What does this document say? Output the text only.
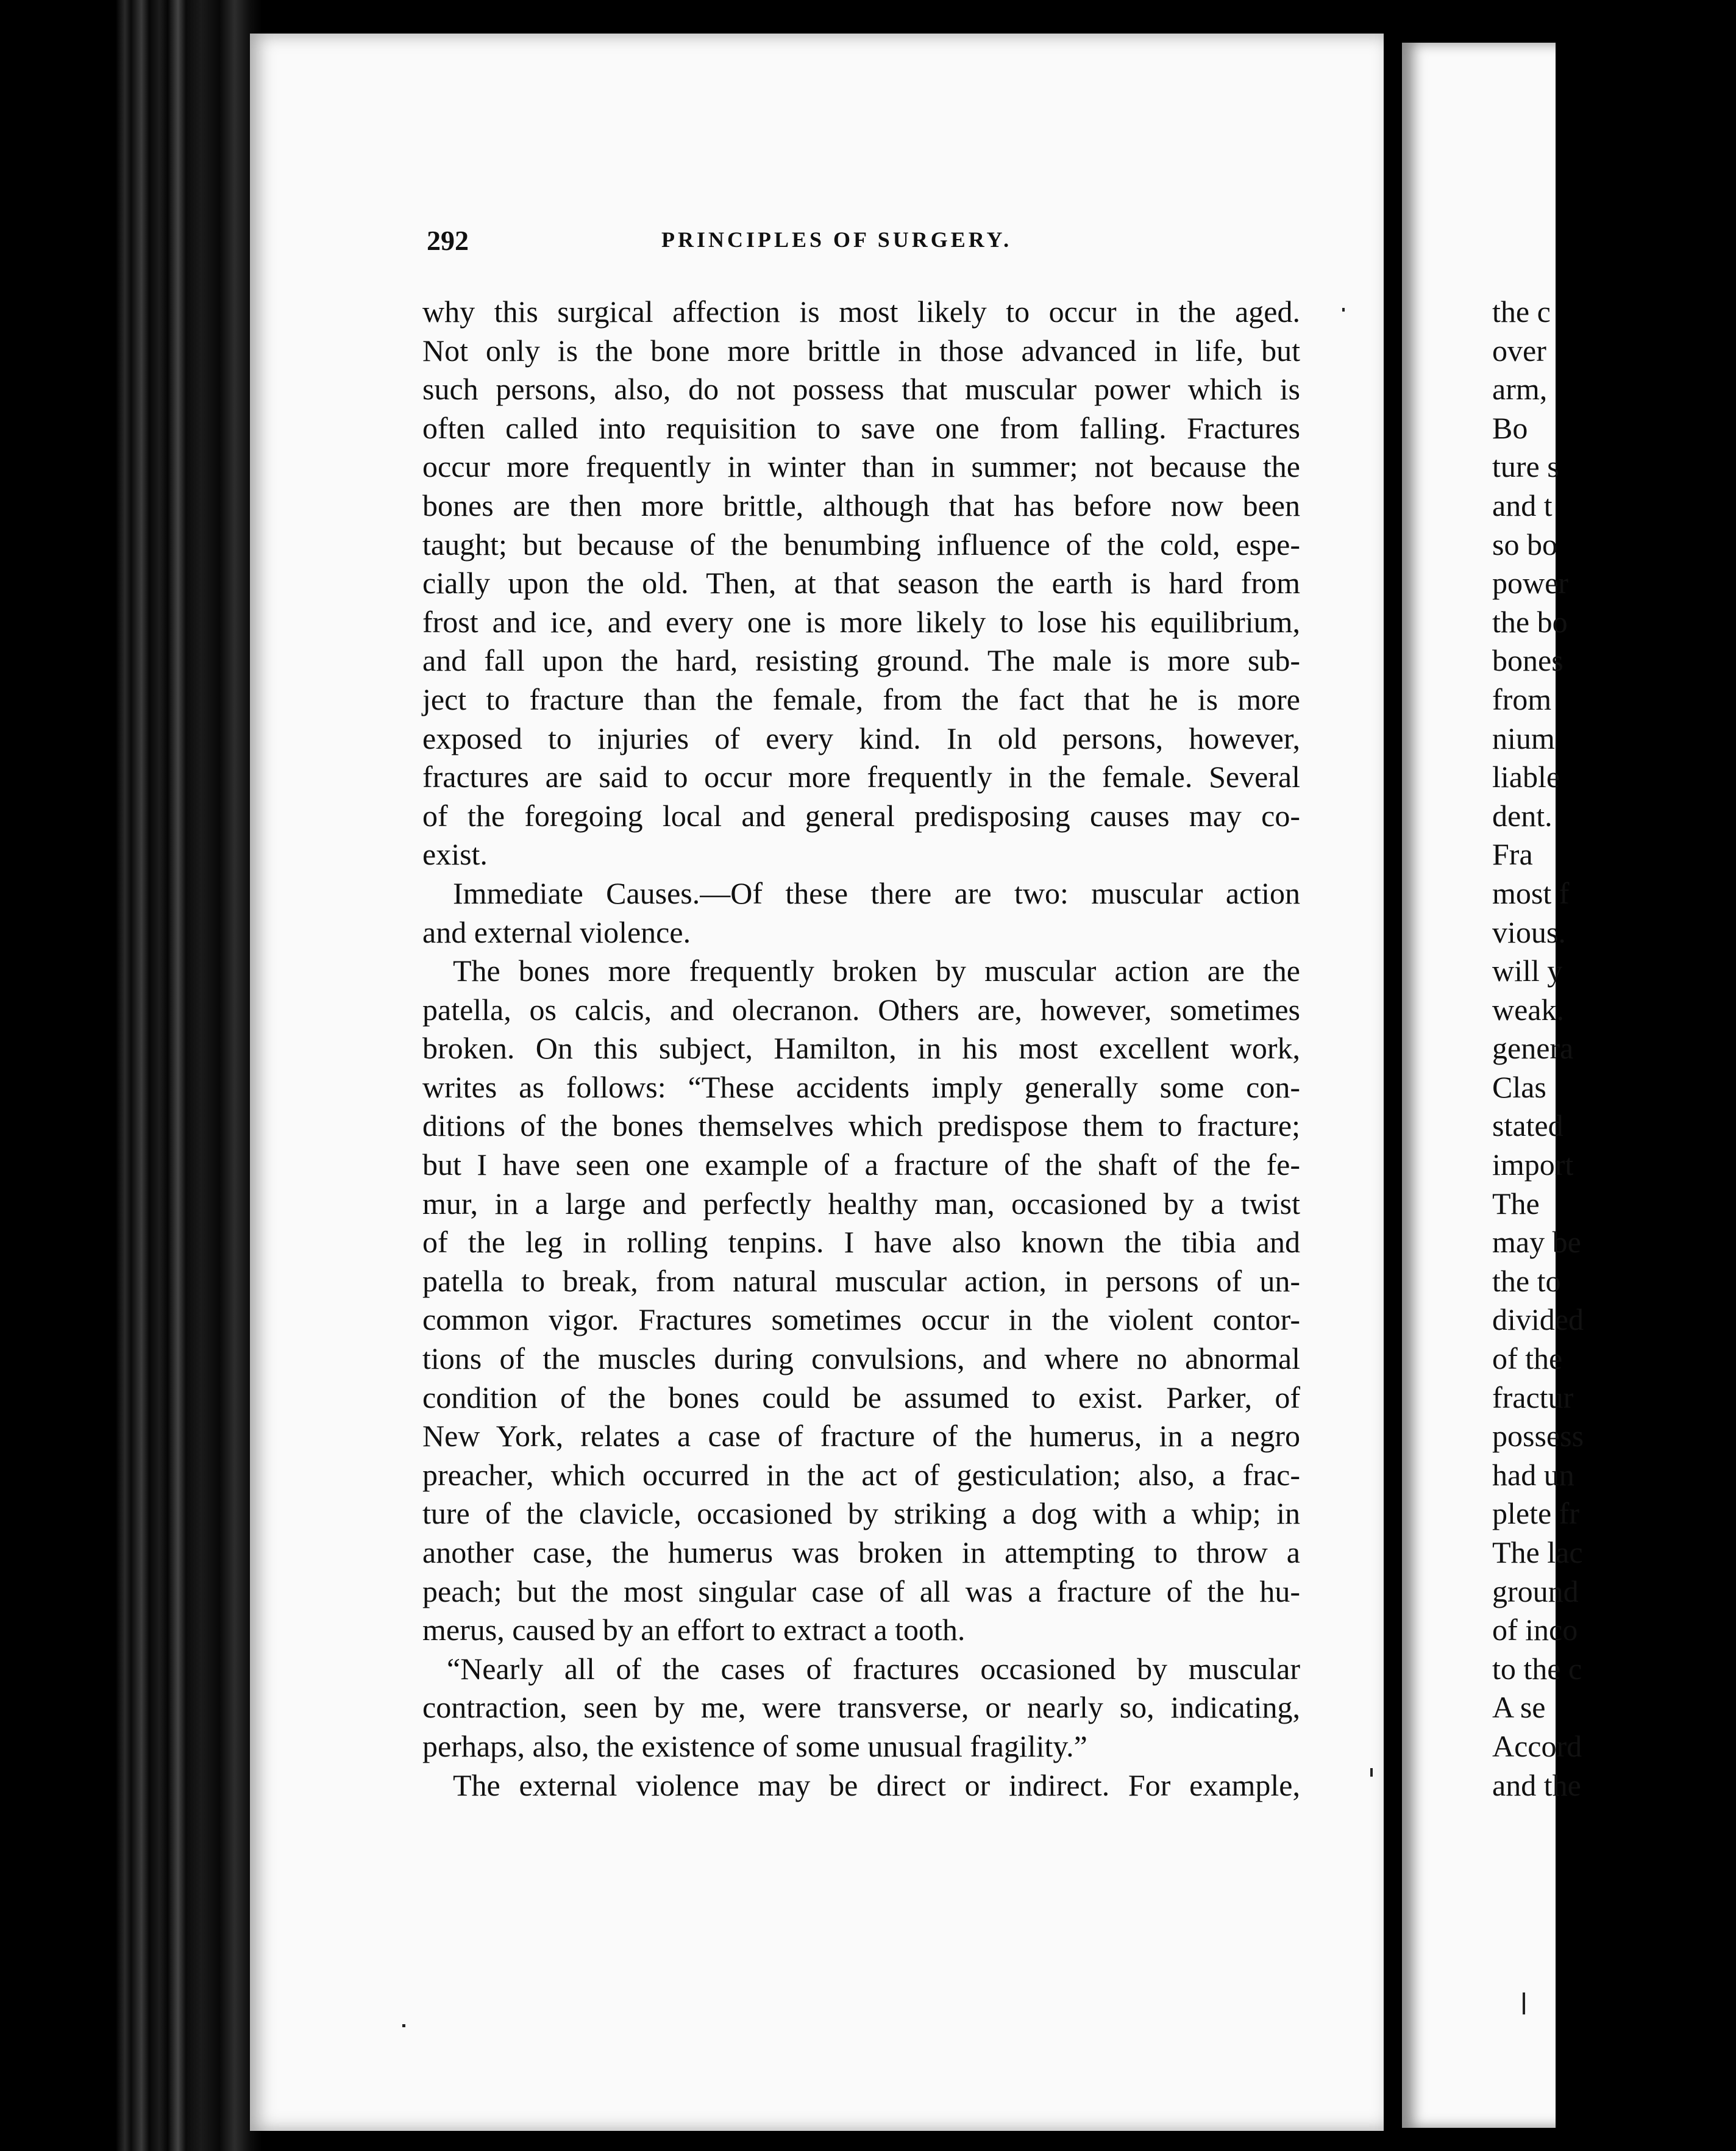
292	PRINCIPLES OF SURGERY.
why this surgical affection is most likely to occur in the aged.
Not only is the bone more brittle in those advanced in life, but
such persons, also, do not possess that muscular power which is
often called into requisition to save one from falling. Fractures
occur more frequently in winter than in summer; not because the
bones are then more brittle, although that has before now been
taught; but because of the benumbing influence of the cold, espe-
cially upon the old. Then, at that season the earth is hard from
frost and ice, and every one is more likely to lose his equilibrium,
and fall upon the hard, resisting ground. The male is more sub-
ject to fracture than the female, from the fact that he is more
exposed to injuries of every kind. In old persons, however,
fractures are said to occur more frequently in the female. Several
of the foregoing local and general predisposing causes may co-
exist.
Immediate Causes.—Of these there are two: muscular action
and external violence.
The bones more frequently broken by muscular action are the
patella, os calcis, and olecranon. Others are, however, sometimes
broken. On this subject, Hamilton, in his most excellent work,
writes as follows: “These accidents imply generally some con-
ditions of the bones themselves which predispose them to fracture;
but I have seen one example of a fracture of the shaft of the fe-
mur, in a large and perfectly healthy man, occasioned by a twist
of the leg in rolling tenpins. I have also known the tibia and
patella to break, from natural muscular action, in persons of un-
common vigor. Fractures sometimes occur in the violent contor-
tions of the muscles during convulsions, and where no abnormal
condition of the bones could be assumed to exist. Parker, of
New York, relates a case of fracture of the humerus, in a negro
preacher, which occurred in the act of gesticulation; also, a frac-
ture of the clavicle, occasioned by striking a dog with a whip; in
another case, the humerus was broken in attempting to throw a
peach; but the most singular case of all was a fracture of the hu-
merus, caused by an effort to extract a tooth.
“Nearly all of the cases of fractures occasioned by muscular
contraction, seen by me, were transverse, or nearly so, indicating,
perhaps, also, the existence of some unusual fragility.”
The external violence may be direct or indirect. For example,
the c
over
arm,
Bo
ture s
and t
so bo
power
the bo
bones
from
nium
liable
dent.
Fra
most f
vious.
will y
weak.
genera
Clas
stated
import
The
may be
the to
divided
of the
fractur
possess
had un
plete fr
The lac
ground
of inco
to the c
A se
Accord
and the
